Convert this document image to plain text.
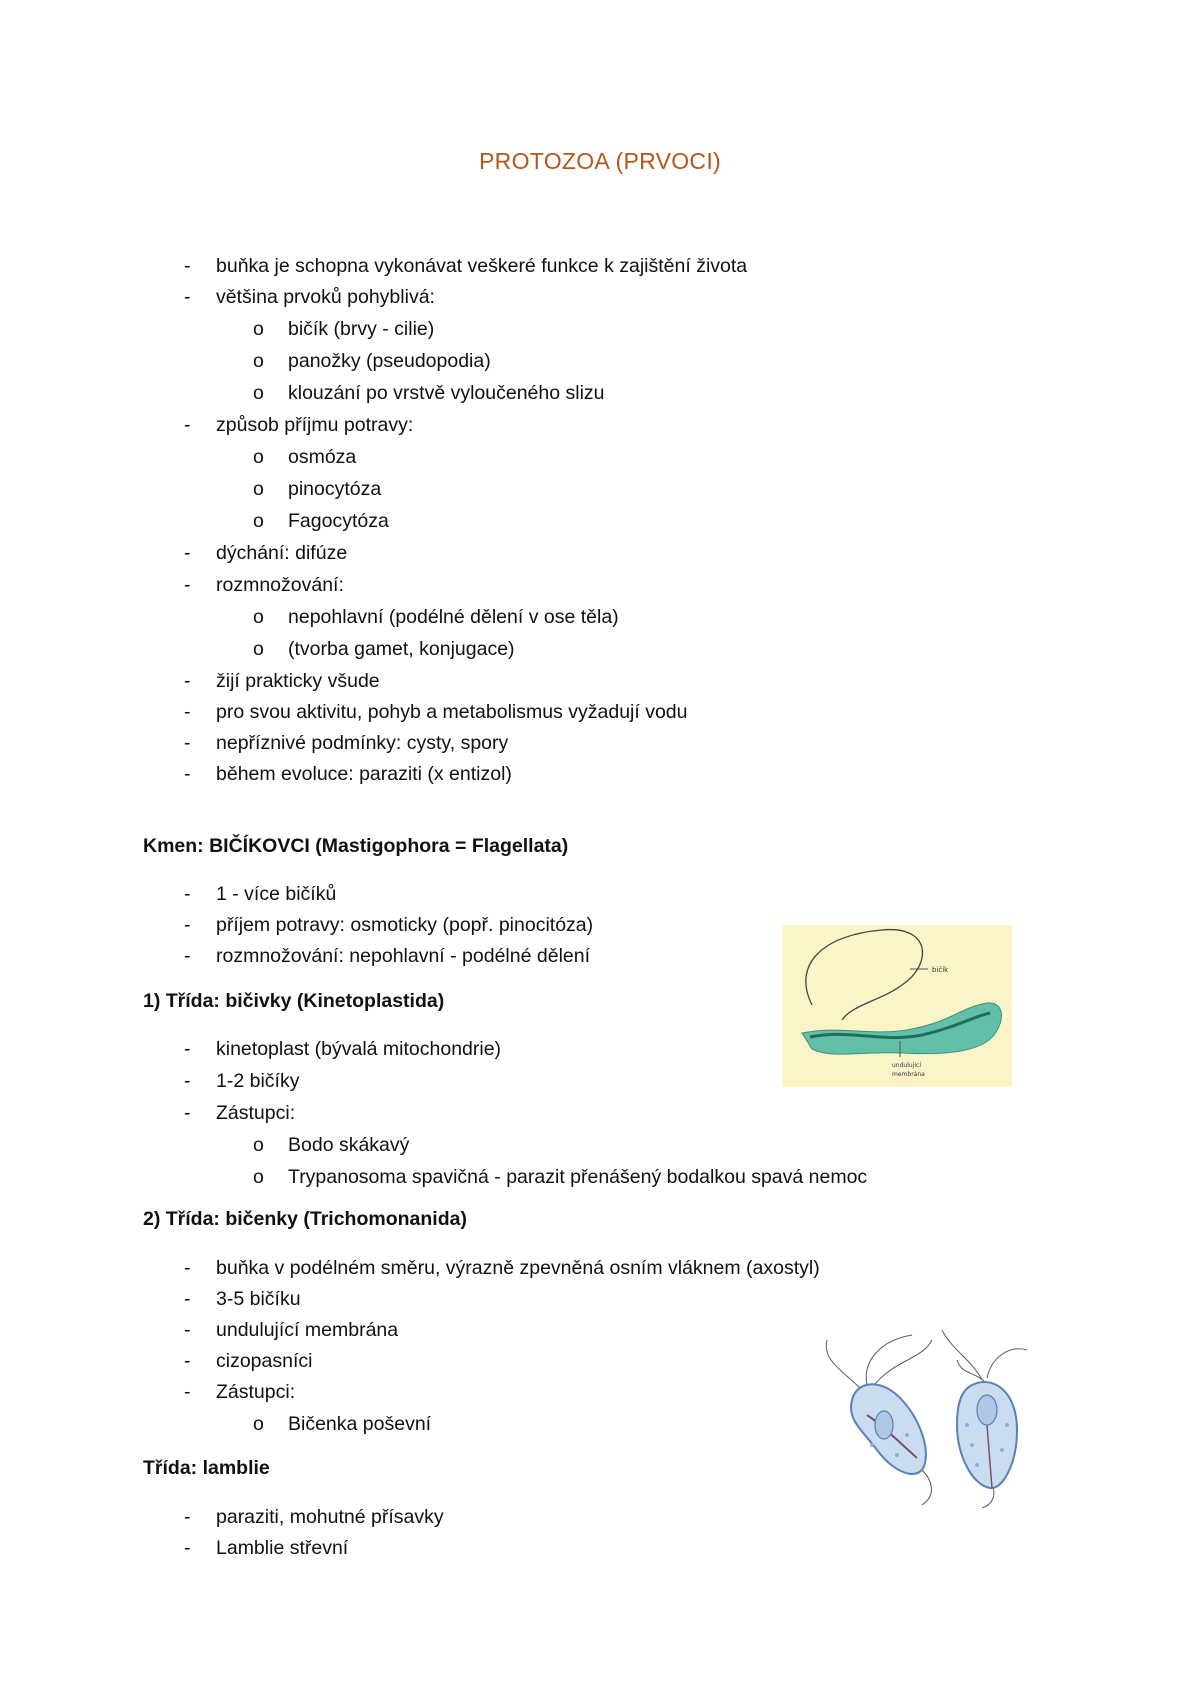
PROTOZOA (PRVOCI)
- buňka je schopna vykonávat veškeré funkce k zajištění života
- většina prvoků pohyblivá:
o bičík (brvy - cilie)
o panožky (pseudopodia)
o klouzání po vrstvě vyloučeného slizu
- způsob příjmu potravy:
o osmóza
o pinocytóza
o Fagocytóza
- dýchání: difúze
- rozmnožování:
o nepohlavní (podélné dělení v ose těla)
o (tvorba gamet, konjugace)
- žijí prakticky všude
- pro svou aktivitu, pohyb a metabolismus vyžadují vodu
- nepříznivé podmínky: cysty, spory
- během evoluce: paraziti (x entizol)
Kmen: BIČÍKOVCI (Mastigophora = Flagellata)
- 1 - více bičíků
- příjem potravy: osmoticky (popř. pinocitóza)
- rozmnožování: nepohlavní - podélné dělení
1) Třída: bičivky (Kinetoplastida)
- kinetoplast (bývalá mitochondrie)
- 1-2 bičíky
- Zástupci:
o Bodo skákavý
o Trypanosoma spavičná - parazit přenášený bodalkou spavá nemoc
2) Třída: bičenky (Trichomonanida)
- buňka v podélném směru, výrazně zpevněná osním vláknem (axostyl)
- 3-5 bičíku
- undulující membrána
- cizopasníci
- Zástupci:
o Bičenka poševní
Třída: lamblie
- paraziti, mohutné přísavky
- Lamblie střevní
bičík
undulující
membrána
